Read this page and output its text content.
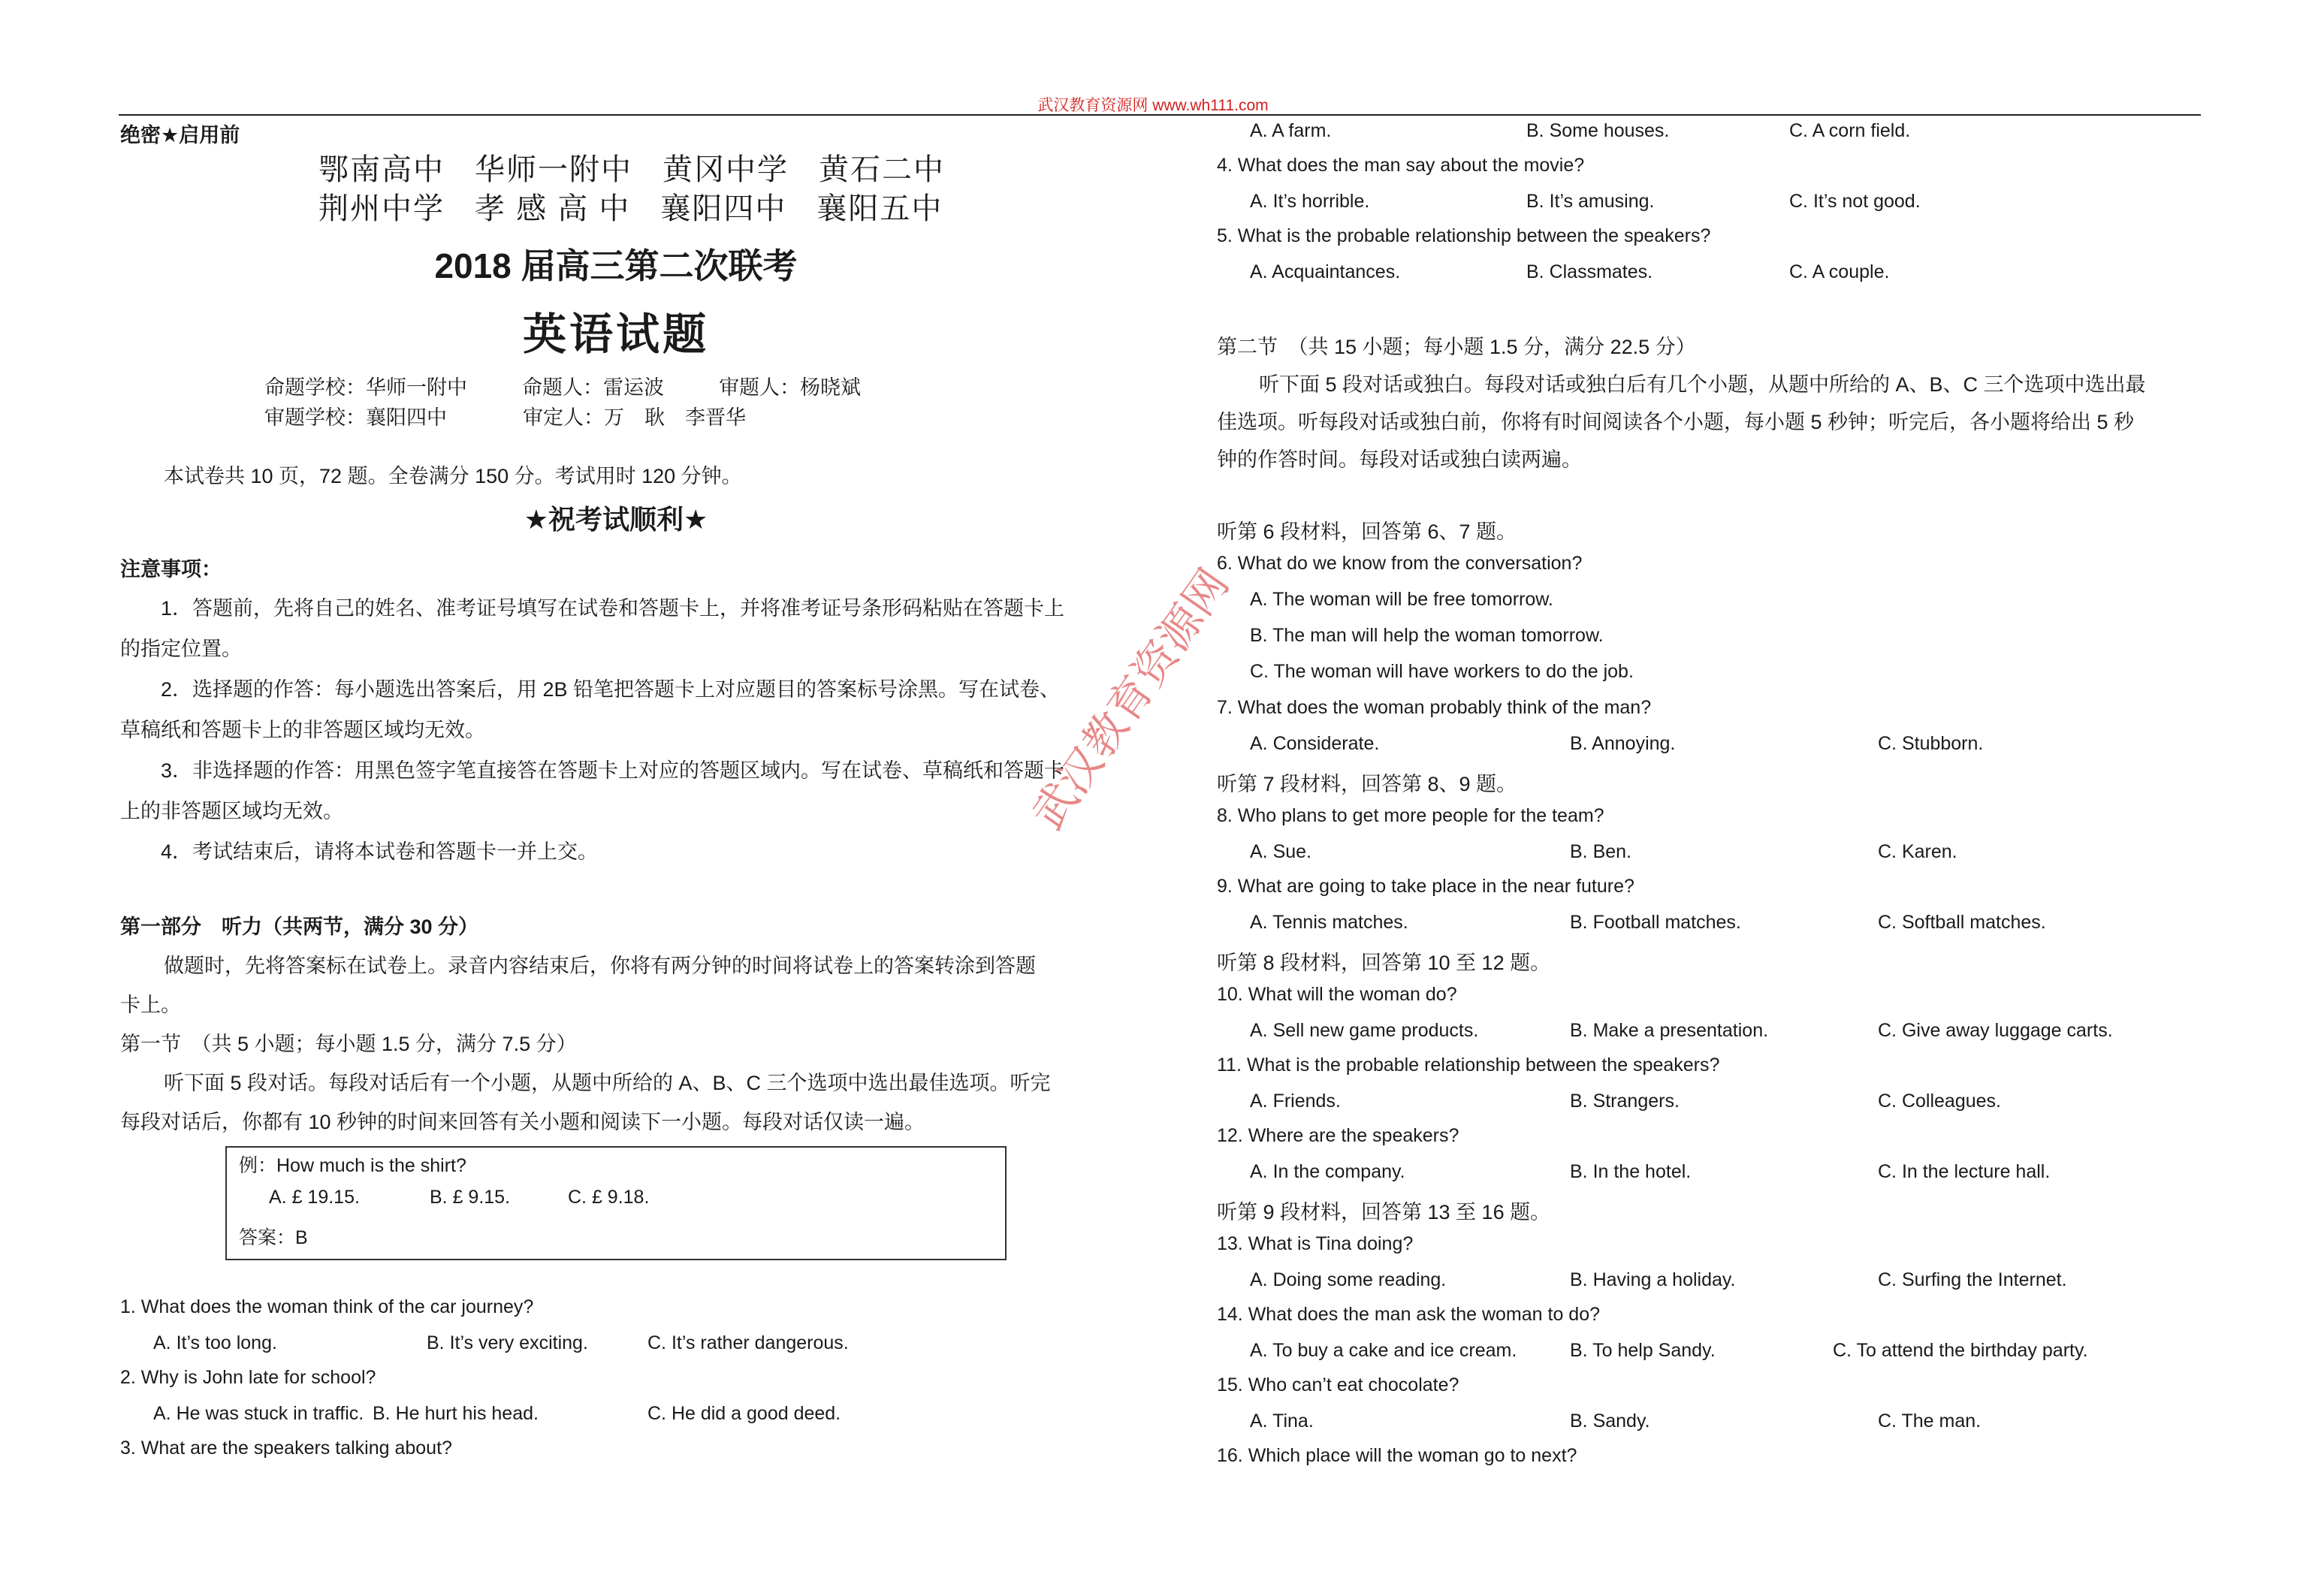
武汉教育资源网 www.wh111.com
武汉教育资源网
绝密★启用前
鄂南高中 华师一附中 黄冈中学 黄石二中
荆州中学 孝 感 高 中 襄阳四中 襄阳五中
2018 届高三第二次联考
英语试题
命题学校：华师一附中	命题人：雷运波	审题人：杨晓斌
审题学校：襄阳四中	审定人：万　耿　李晋华
本试卷共 10 页，72 题。全卷满分 150 分。考试用时 120 分钟。
★祝考试顺利★
注意事项：
1．答题前，先将自己的姓名、准考证号填写在试卷和答题卡上，并将准考证号条形码粘贴在答题卡上
的指定位置。
2．选择题的作答：每小题选出答案后，用 2B 铅笔把答题卡上对应题目的答案标号涂黑。写在试卷、
草稿纸和答题卡上的非答题区域均无效。
3．非选择题的作答：用黑色签字笔直接答在答题卡上对应的答题区域内。写在试卷、草稿纸和答题卡
上的非答题区域均无效。
4．考试结束后，请将本试卷和答题卡一并上交。
第一部分　听力（共两节，满分 30 分）
做题时，先将答案标在试卷上。录音内容结束后，你将有两分钟的时间将试卷上的答案转涂到答题
卡上。
第一节　（共 5 小题；每小题 1.5 分，满分 7.5 分）
听下面 5 段对话。每段对话后有一个小题，从题中所给的 A、B、C 三个选项中选出最佳选项。听完
每段对话后，你都有 10 秒钟的时间来回答有关小题和阅读下一小题。每段对话仅读一遍。
例：How much is the shirt?
A. £ 19.15.	B. £ 9.15.	C. £ 9.18.
答案：B
1. What does the woman think of the car journey?
A. It’s too long.	B. It’s very exciting.	C. It’s rather dangerous.
2. Why is John late for school?
A. He was stuck in traffic. B. He hurt his head.	C. He did a good deed.
3. What are the speakers talking about?
A. A farm.	B. Some houses.	C. A corn field.
4. What does the man say about the movie?
A. It’s horrible.	B. It’s amusing.	C. It’s not good.
5. What is the probable relationship between the speakers?
A. Acquaintances.	B. Classmates.	C. A couple.
第二节　（共 15 小题；每小题 1.5 分，满分 22.5 分）
听下面 5 段对话或独白。每段对话或独白后有几个小题，从题中所给的 A、B、C 三个选项中选出最
佳选项。听每段对话或独白前，你将有时间阅读各个小题，每小题 5 秒钟；听完后，各小题将给出 5 秒
钟的作答时间。每段对话或独白读两遍。
听第 6 段材料，回答第 6、7 题。
6. What do we know from the conversation?
A. The woman will be free tomorrow.
B. The man will help the woman tomorrow.
C. The woman will have workers to do the job.
7. What does the woman probably think of the man?
A. Considerate.	B. Annoying.	C. Stubborn.
听第 7 段材料，回答第 8、9 题。
8. Who plans to get more people for the team?
A. Sue.	B. Ben.	C. Karen.
9. What are going to take place in the near future?
A. Tennis matches.	B. Football matches.	C. Softball matches.
听第 8 段材料，回答第 10 至 12 题。
10. What will the woman do?
A. Sell new game products.	B. Make a presentation.	C. Give away luggage carts.
11. What is the probable relationship between the speakers?
A. Friends.	B. Strangers.	C. Colleagues.
12. Where are the speakers?
A. In the company.	B. In the hotel.	C. In the lecture hall.
听第 9 段材料，回答第 13 至 16 题。
13. What is Tina doing?
A. Doing some reading.	B. Having a holiday.	C. Surfing the Internet.
14. What does the man ask the woman to do?
A. To buy a cake and ice cream.	B. To help Sandy.	C. To attend the birthday party.
15. Who can’t eat chocolate?
A. Tina.	B. Sandy.	C. The man.
16. Which place will the woman go to next?
